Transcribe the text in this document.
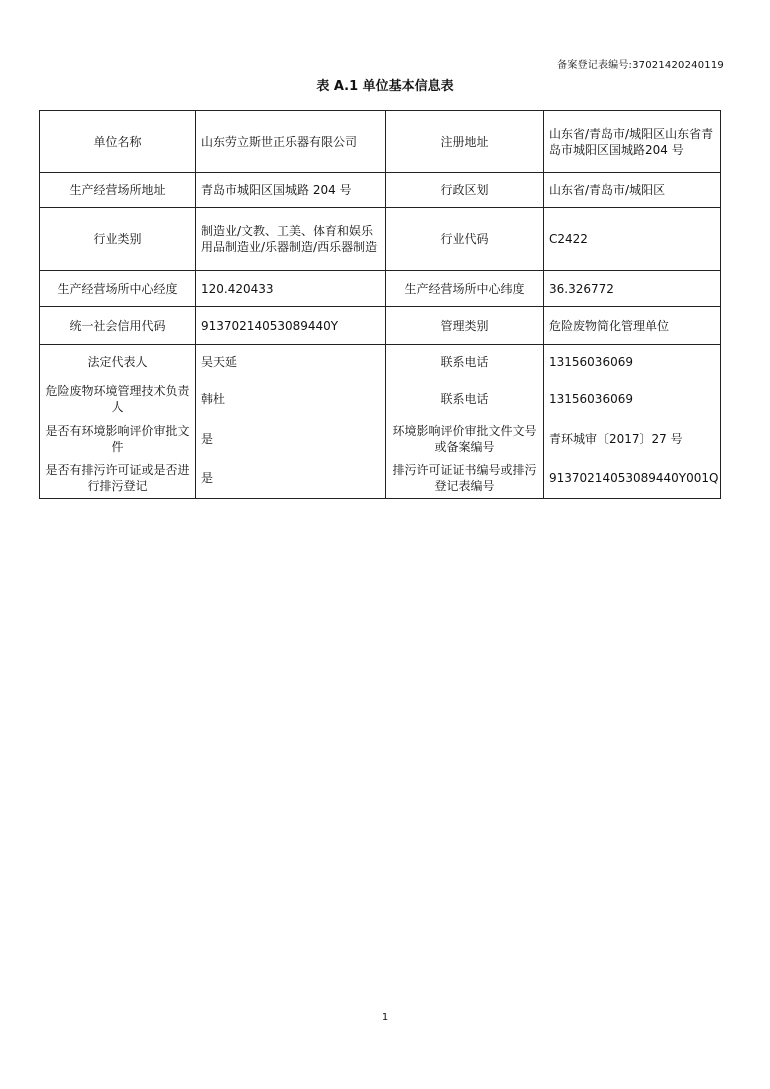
备案登记表编号:37021420240119
表 A.1 单位基本信息表
单位名称	山东劳立斯世正乐器有限公司	注册地址	山东省/青岛市/城阳区山东省青岛市城阳区国城路204 号
生产经营场所地址	青岛市城阳区国城路 204 号	行政区划	山东省/青岛市/城阳区
行业类别	制造业/文教、工美、体育和娱乐用品制造业/乐器制造/西乐器制造	行业代码	C2422
生产经营场所中心经度	120.420433	生产经营场所中心纬度	36.326772
统一社会信用代码	91370214053089440Y	管理类别	危险废物简化管理单位
法定代表人	吴天延	联系电话	13156036069
危险废物环境管理技术负责人	韩杜	联系电话	13156036069
是否有环境影响评价审批文件	是	环境影响评价审批文件文号或备案编号	青环城审〔2017〕27 号
是否有排污许可证或是否进行排污登记	是	排污许可证证书编号或排污登记表编号	91370214053089440Y001Q
1
